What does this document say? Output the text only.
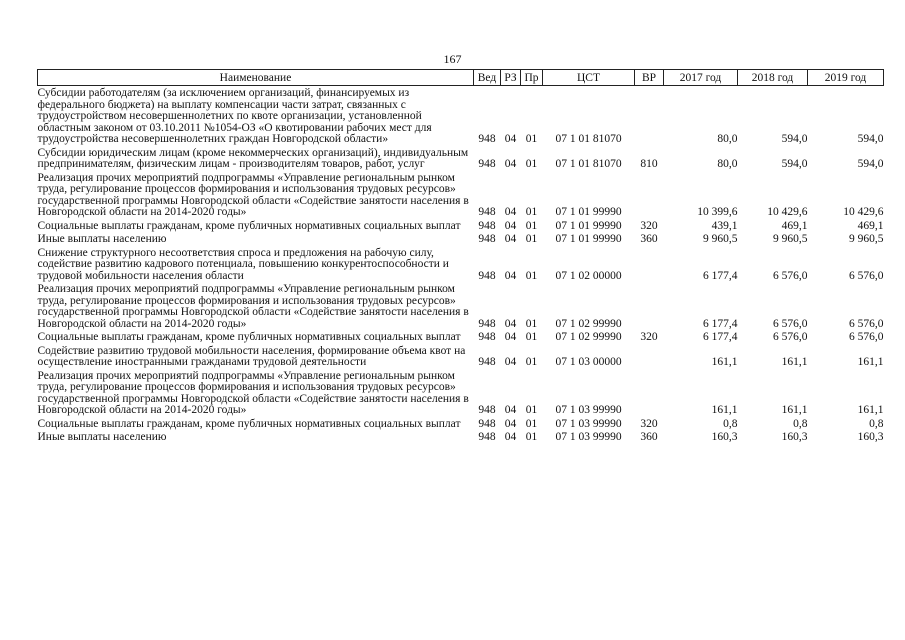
167
Наименование	Вед	РЗ	Пр	ЦСТ	ВР	2017 год	2018 год	2019 год
Субсидии работодателям (за исключением организаций, финансируемых из федерального бюджета) на выплату компенсации части затрат, связанных с трудоустройством несовершеннолетних по квоте организации, установленной областным законом от 03.10.2011 №1054-ОЗ «О квотировании рабочих мест для трудоустройства несовершеннолетних граждан Новгородской области»	948	04	01	07 1 01 81070		80,0	594,0	594,0
Субсидии юридическим лицам (кроме некоммерческих организаций), индивидуальным предпринимателям, физическим лицам - производителям товаров, работ, услуг	948	04	01	07 1 01 81070	810	80,0	594,0	594,0
Реализация прочих мероприятий подпрограммы «Управление региональным рынком труда, регулирование процессов формирования и использования трудовых ресурсов» государственной программы Новгородской области «Содействие занятости населения в Новгородской области на 2014-2020 годы»	948	04	01	07 1 01 99990		10 399,6	10 429,6	10 429,6
Социальные выплаты гражданам, кроме публичных нормативных социальных выплат	948	04	01	07 1 01 99990	320	439,1	469,1	469,1
Иные выплаты населению	948	04	01	07 1 01 99990	360	9 960,5	9 960,5	9 960,5
Снижение структурного несоответствия спроса и предложения на рабочую силу, содействие развитию кадрового потенциала, повышению конкурентоспособности и трудовой мобильности населения области	948	04	01	07 1 02 00000		6 177,4	6 576,0	6 576,0
Реализация прочих мероприятий подпрограммы «Управление региональным рынком труда, регулирование процессов формирования и использования трудовых ресурсов» государственной программы Новгородской области «Содействие занятости населения в Новгородской области на 2014-2020 годы»	948	04	01	07 1 02 99990		6 177,4	6 576,0	6 576,0
Социальные выплаты гражданам, кроме публичных нормативных социальных выплат	948	04	01	07 1 02 99990	320	6 177,4	6 576,0	6 576,0
Содействие развитию трудовой мобильности населения, формирование объема квот на осуществление иностранными гражданами трудовой деятельности	948	04	01	07 1 03 00000		161,1	161,1	161,1
Реализация прочих мероприятий подпрограммы «Управление региональным рынком труда, регулирование процессов формирования и использования трудовых ресурсов» государственной программы Новгородской области «Содействие занятости населения в Новгородской области на 2014-2020 годы»	948	04	01	07 1 03 99990		161,1	161,1	161,1
Социальные выплаты гражданам, кроме публичных нормативных социальных выплат	948	04	01	07 1 03 99990	320	0,8	0,8	0,8
Иные выплаты населению	948	04	01	07 1 03 99990	360	160,3	160,3	160,3
